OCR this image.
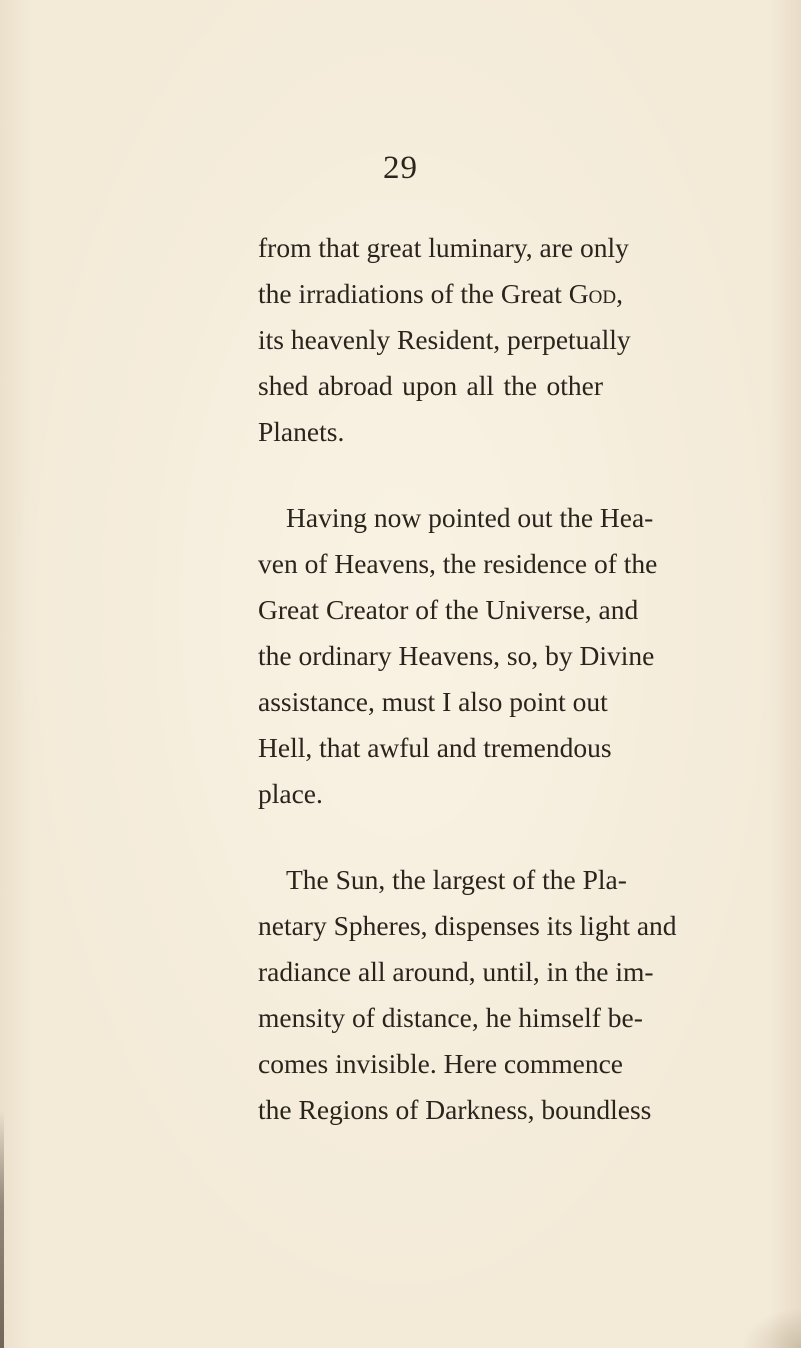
29
from that great luminary, are only
the irradiations of the Great God,
its heavenly Resident, perpetually
shed abroad upon all the other
Planets.
Having now pointed out the Hea-
ven of Heavens, the residence of the
Great Creator of the Universe, and
the ordinary Heavens, so, by Divine
assistance, must I also point out
Hell, that awful and tremendous
place.
The Sun, the largest of the Pla-
netary Spheres, dispenses its light and
radiance all around, until, in the im-
mensity of distance, he himself be-
comes invisible. Here commence
the Regions of Darkness, boundless
